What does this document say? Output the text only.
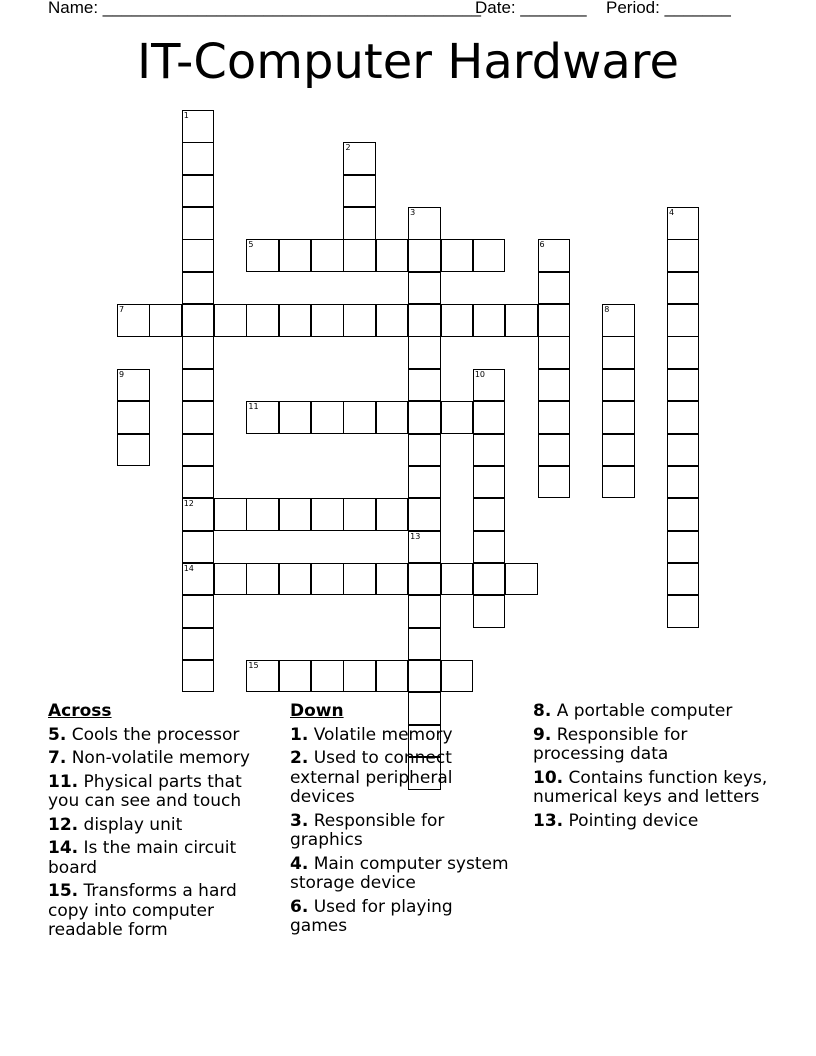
Name: ________________________________________
Date: _______ Period: _______
IT-Computer Hardware
1
12
14
2
3
13
4
5	6
7	8
9	10
11
15
Across
5. Cools the processor
7. Non-volatile memory
11. Physical parts that you can see and touch
12. display unit
14. Is the main circuit board
15. Transforms a hard copy into computer readable form
Down
1. Volatile memory
2. Used to connect external peripheral devices
3. Responsible for graphics
4. Main computer system storage device
6. Used for playing games
8. A portable computer
9. Responsible for processing data
10. Contains function keys, numerical keys and letters
13. Pointing device
